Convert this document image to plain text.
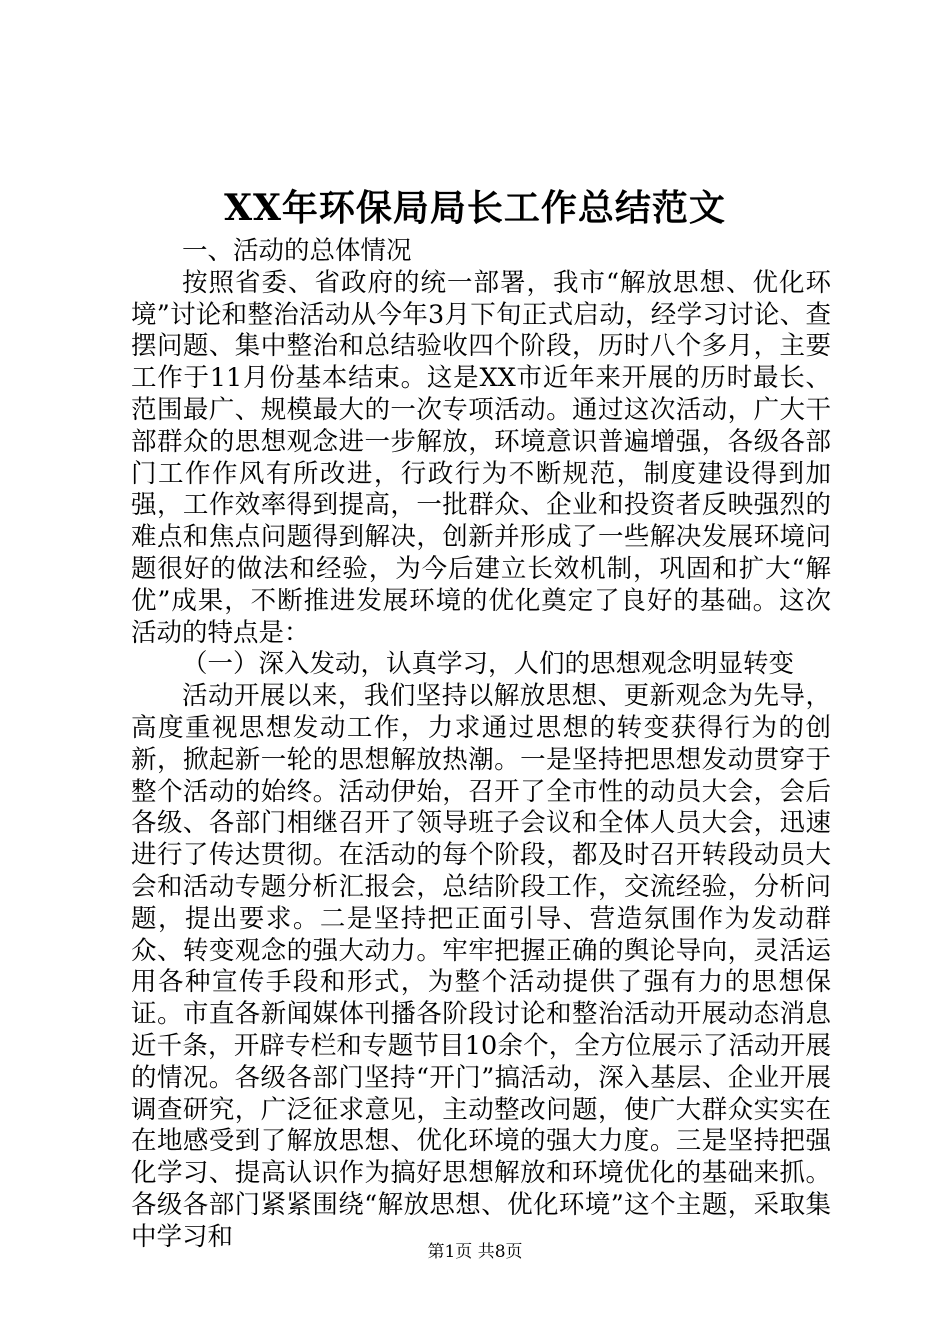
XX年环保局局长工作总结范文

一、活动的总体情况

按照省委、省政府的统一部署，我市“解放思想、优化环境”讨论和整治活动从今年3月下旬正式启动，经学习讨论、查摆问题、集中整治和总结验收四个阶段，历时八个多月，主要工作于11月份基本结束。这是XX市近年来开展的历时最长、范围最广、规模最大的一次专项活动。通过这次活动，广大干部群众的思想观念进一步解放，环境意识普遍增强，各级各部门工作作风有所改进，行政行为不断规范，制度建设得到加强，工作效率得到提高，一批群众、企业和投资者反映强烈的难点和焦点问题得到解决，创新并形成了一些解决发展环境问题很好的做法和经验，为今后建立长效机制，巩固和扩大“解优”成果，不断推进发展环境的优化奠定了良好的基础。这次活动的特点是：

（一）深入发动，认真学习，人们的思想观念明显转变

活动开展以来，我们坚持以解放思想、更新观念为先导，高度重视思想发动工作，力求通过思想的转变获得行为的创新，掀起新一轮的思想解放热潮。一是坚持把思想发动贯穿于整个活动的始终。活动伊始，召开了全市性的动员大会，会后各级、各部门相继召开了领导班子会议和全体人员大会，迅速进行了传达贯彻。在活动的每个阶段，都及时召开转段动员大会和活动专题分析汇报会，总结阶段工作，交流经验，分析问题，提出要求。二是坚持把正面引导、营造氛围作为发动群众、转变观念的强大动力。牢牢把握正确的舆论导向，灵活运用各种宣传手段和形式，为整个活动提供了强有力的思想保证。市直各新闻媒体刊播各阶段讨论和整治活动开展动态消息近千条，开辟专栏和专题节目10余个，全方位展示了活动开展的情况。各级各部门坚持“开门”搞活动，深入基层、企业开展调查研究，广泛征求意见，主动整改问题，使广大群众实实在在地感受到了解放思想、优化环境的强大力度。三是坚持把强化学习、提高认识作为搞好思想解放和环境优化的基础来抓。各级各部门紧紧围绕“解放思想、优化环境”这个主题，采取集中学习和

第1页 共8页
